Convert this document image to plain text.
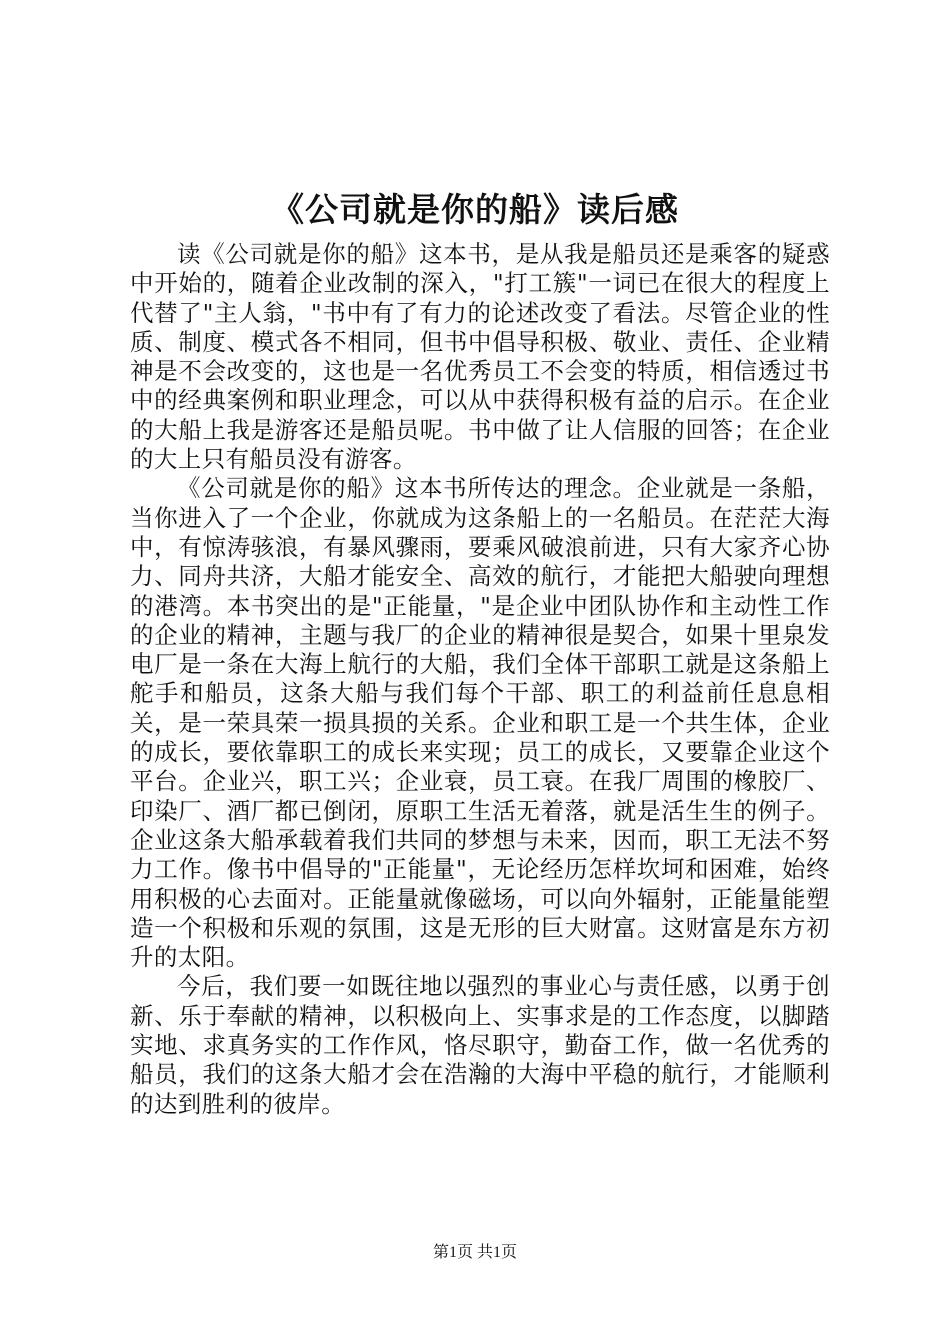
《公司就是你的船》读后感

读《公司就是你的船》这本书，是从我是船员还是乘客的疑惑中开始的，随着企业改制的深入，"打工簇"一词已在很大的程度上代替了"主人翁，"书中有了有力的论述改变了看法。尽管企业的性质、制度、模式各不相同，但书中倡导积极、敬业、责任、企业精神是不会改变的，这也是一名优秀员工不会变的特质，相信透过书中的经典案例和职业理念，可以从中获得积极有益的启示。在企业的大船上我是游客还是船员呢。书中做了让人信服的回答；在企业的大上只有船员没有游客。

《公司就是你的船》这本书所传达的理念。企业就是一条船，当你进入了一个企业，你就成为这条船上的一名船员。在茫茫大海中，有惊涛骇浪，有暴风骤雨，要乘风破浪前进，只有大家齐心协力、同舟共济，大船才能安全、高效的航行，才能把大船驶向理想的港湾。本书突出的是"正能量，"是企业中团队协作和主动性工作的企业的精神，主题与我厂的企业的精神很是契合，如果十里泉发电厂是一条在大海上航行的大船，我们全体干部职工就是这条船上舵手和船员，这条大船与我们每个干部、职工的利益前任息息相关，是一荣具荣一损具损的关系。企业和职工是一个共生体，企业的成长，要依靠职工的成长来实现；员工的成长，又要靠企业这个平台。企业兴，职工兴；企业衰，员工衰。在我厂周围的橡胶厂、印染厂、酒厂都已倒闭，原职工生活无着落，就是活生生的例子。企业这条大船承载着我们共同的梦想与未来，因而，职工无法不努力工作。像书中倡导的"正能量"，无论经历怎样坎坷和困难，始终用积极的心去面对。正能量就像磁场，可以向外辐射，正能量能塑造一个积极和乐观的氛围，这是无形的巨大财富。这财富是东方初升的太阳。

今后，我们要一如既往地以强烈的事业心与责任感，以勇于创新、乐于奉献的精神，以积极向上、实事求是的工作态度，以脚踏实地、求真务实的工作作风，恪尽职守，勤奋工作，做一名优秀的船员，我们的这条大船才会在浩瀚的大海中平稳的航行，才能顺利的达到胜利的彼岸。

第1页 共1页
